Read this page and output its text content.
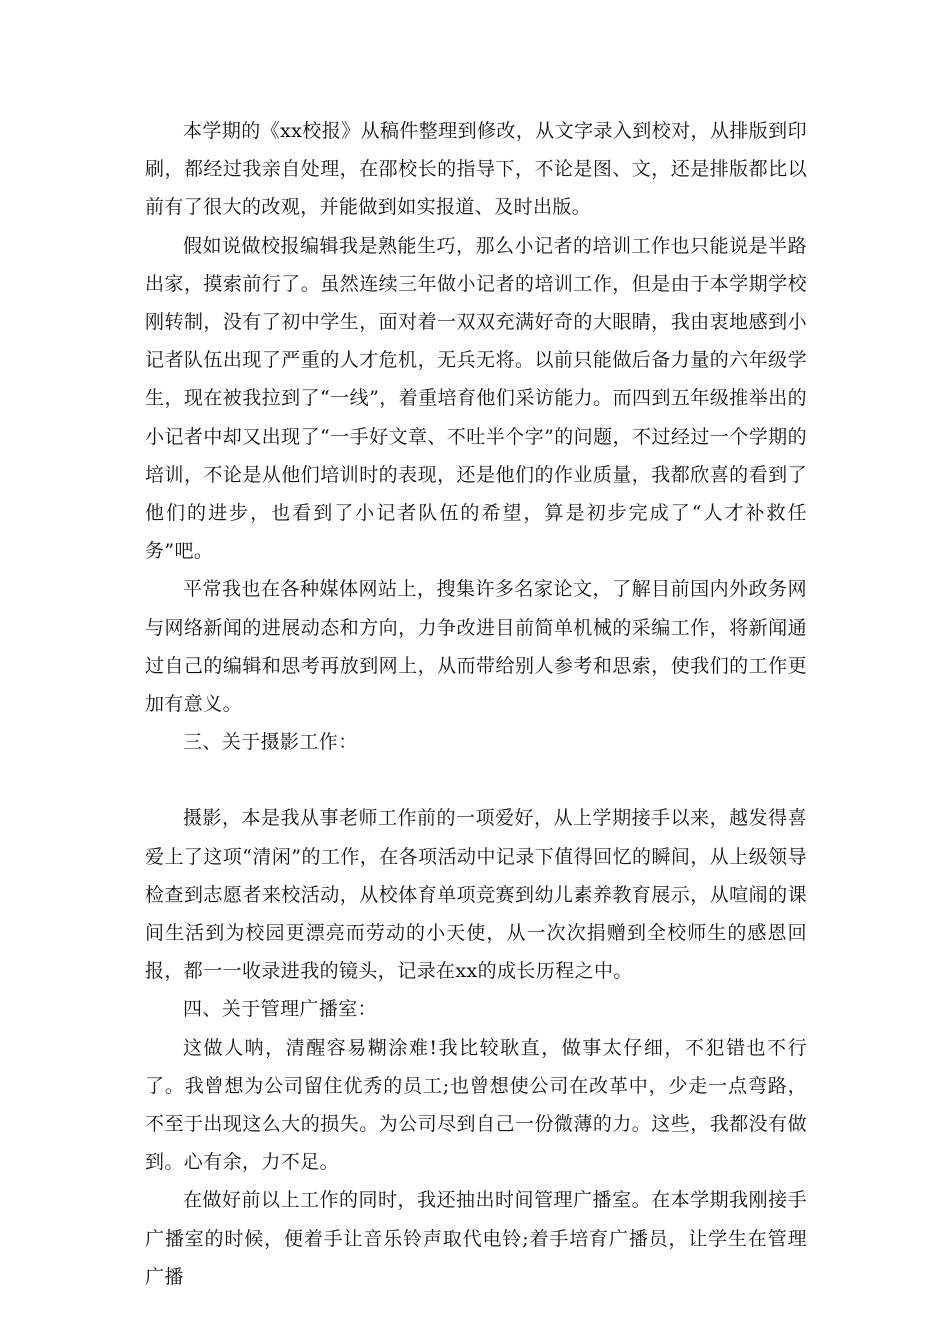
本学期的《xx校报》从稿件整理到修改，从文字录入到校对，从排版到印刷，都经过我亲自处理，在邵校长的指导下，不论是图、文，还是排版都比以前有了很大的改观，并能做到如实报道、及时出版。

假如说做校报编辑我是熟能生巧，那么小记者的培训工作也只能说是半路出家，摸索前行了。虽然连续三年做小记者的培训工作，但是由于本学期学校刚转制，没有了初中学生，面对着一双双充满好奇的大眼睛，我由衷地感到小记者队伍出现了严重的人才危机，无兵无将。以前只能做后备力量的六年级学生，现在被我拉到了“一线”，着重培育他们采访能力。而四到五年级推举出的小记者中却又出现了“一手好文章、不吐半个字”的问题，不过经过一个学期的培训，不论是从他们培训时的表现，还是他们的作业质量，我都欣喜的看到了他们的进步，也看到了小记者队伍的希望，算是初步完成了“人才补救任务”吧。

平常我也在各种媒体网站上，搜集许多名家论文，了解目前国内外政务网与网络新闻的进展动态和方向，力争改进目前简单机械的采编工作，将新闻通过自己的编辑和思考再放到网上，从而带给别人参考和思索，使我们的工作更加有意义。

三、关于摄影工作：

摄影，本是我从事老师工作前的一项爱好，从上学期接手以来，越发得喜爱上了这项“清闲”的工作，在各项活动中记录下值得回忆的瞬间，从上级领导检查到志愿者来校活动，从校体育单项竞赛到幼儿素养教育展示，从喧闹的课间生活到为校园更漂亮而劳动的小天使，从一次次捐赠到全校师生的感恩回报，都一一收录进我的镜头，记录在xx的成长历程之中。

四、关于管理广播室：

这做人呐，清醒容易糊涂难!我比较耿直，做事太仔细，不犯错也不行了。我曾想为公司留住优秀的员工;也曾想使公司在改革中，少走一点弯路，不至于出现这么大的损失。为公司尽到自己一份微薄的力。这些，我都没有做到。心有余，力不足。

在做好前以上工作的同时，我还抽出时间管理广播室。在本学期我刚接手广播室的时候，便着手让音乐铃声取代电铃;着手培育广播员，让学生在管理广播
